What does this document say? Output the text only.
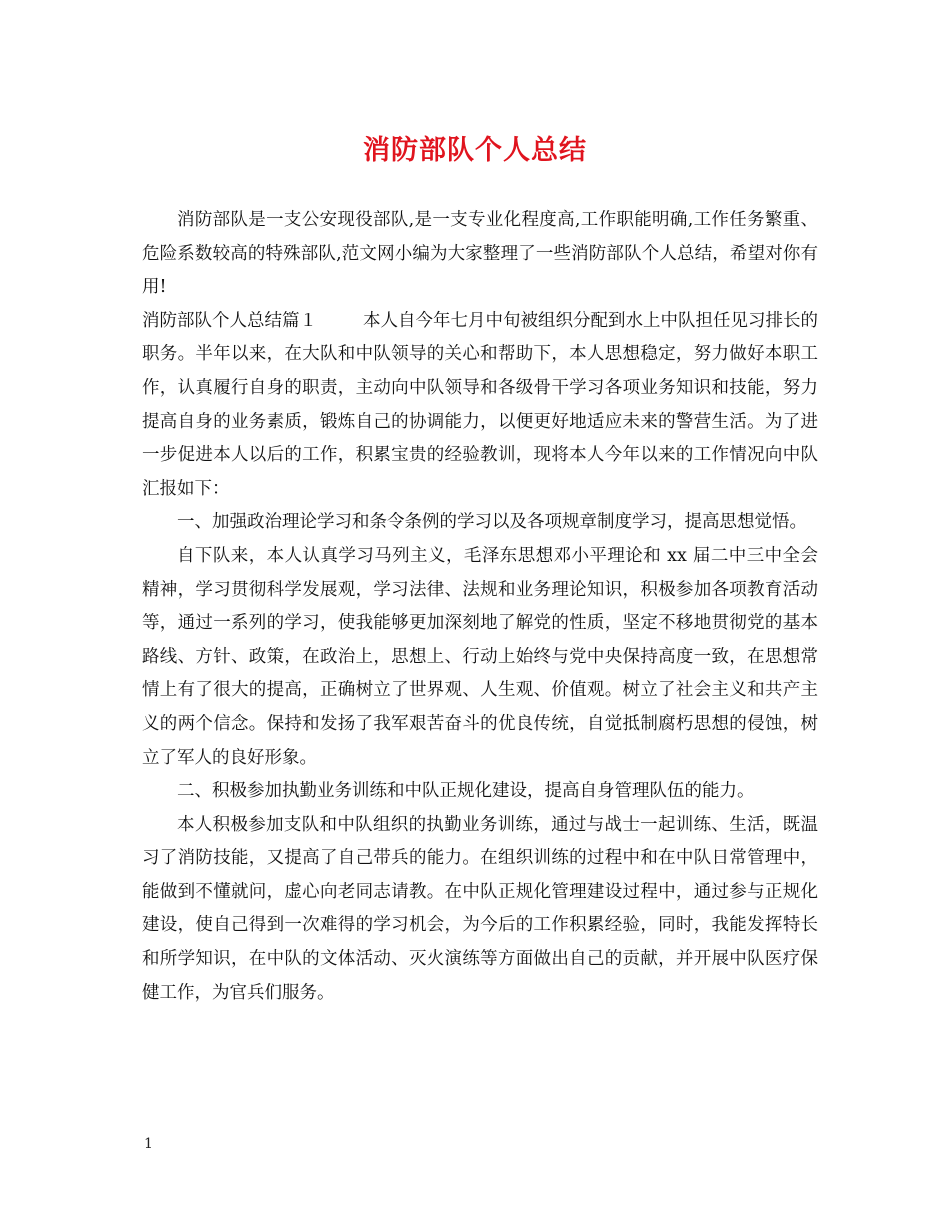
消防部队个人总结

消防部队是一支公安现役部队,是一支专业化程度高,工作职能明确,工作任务繁重、危险系数较高的特殊部队,范文网小编为大家整理了一些消防部队个人总结，希望对你有用!

消防部队个人总结篇１	本人自今年七月中旬被组织分配到水上中队担任见习排长的职务。半年以来，在大队和中队领导的关心和帮助下，本人思想稳定，努力做好本职工作，认真履行自身的职责，主动向中队领导和各级骨干学习各项业务知识和技能，努力提高自身的业务素质，锻炼自己的协调能力，以便更好地适应未来的警营生活。为了进一步促进本人以后的工作，积累宝贵的经验教训，现将本人今年以来的工作情况向中队汇报如下：

一、加强政治理论学习和条令条例的学习以及各项规章制度学习，提高思想觉悟。

自下队来，本人认真学习马列主义，毛泽东思想邓小平理论和 xx 届二中三中全会精神，学习贯彻科学发展观，学习法律、法规和业务理论知识，积极参加各项教育活动等，通过一系列的学习，使我能够更加深刻地了解党的性质，坚定不移地贯彻党的基本路线、方针、政策，在政治上，思想上、行动上始终与党中央保持高度一致，在思想常情上有了很大的提高，正确树立了世界观、人生观、价值观。树立了社会主义和共产主义的两个信念。保持和发扬了我军艰苦奋斗的优良传统，自觉抵制腐朽思想的侵蚀，树立了军人的良好形象。

二、积极参加执勤业务训练和中队正规化建设，提高自身管理队伍的能力。

本人积极参加支队和中队组织的执勤业务训练，通过与战士一起训练、生活，既温习了消防技能，又提高了自己带兵的能力。在组织训练的过程中和在中队日常管理中，能做到不懂就问，虚心向老同志请教。在中队正规化管理建设过程中，通过参与正规化建设，使自己得到一次难得的学习机会，为今后的工作积累经验，同时，我能发挥特长和所学知识，在中队的文体活动、灭火演练等方面做出自己的贡献，并开展中队医疗保健工作，为官兵们服务。

1
